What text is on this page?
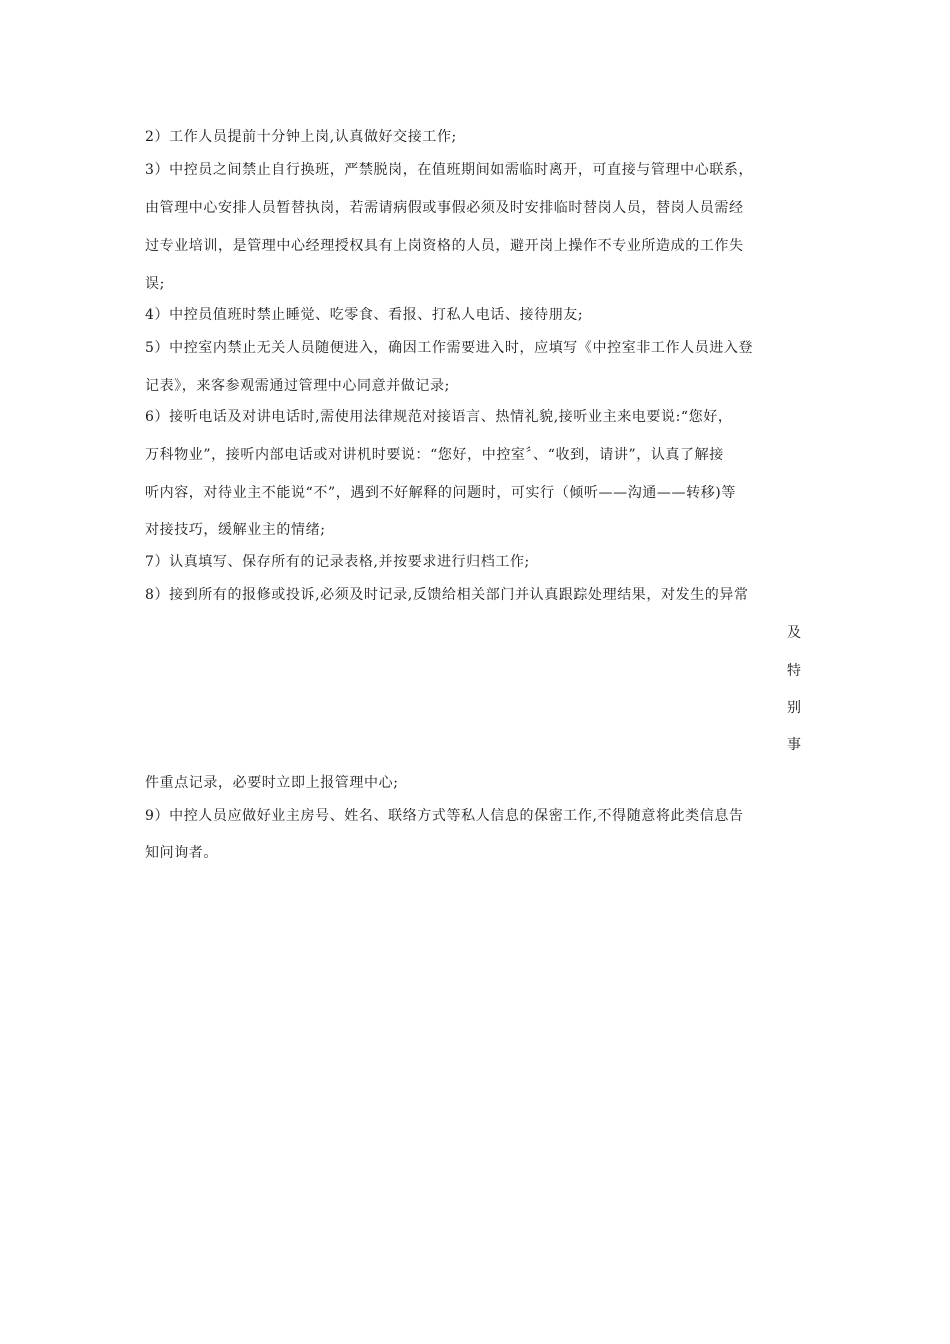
2）工作人员提前十分钟上岗,认真做好交接工作;
3）中控员之间禁止自行换班，严禁脱岗，在值班期间如需临时离开，可直接与管理中心联系，
由管理中心安排人员暂替执岗，若需请病假或事假必须及时安排临时替岗人员，替岗人员需经
过专业培训，是管理中心经理授权具有上岗资格的人员，避开岗上操作不专业所造成的工作失
误;
4）中控员值班时禁止睡觉、吃零食、看报、打私人电话、接待朋友;
5）中控室内禁止无关人员随便进入，确因工作需要进入时，应填写《中控室非工作人员进入登
记表》，来客参观需通过管理中心同意并做记录;
6）接听电话及对讲电话时,需使用法律规范对接语言、热情礼貌,接听业主来电要说:“您好，
万科物业”，接听内部电话或对讲机时要说：“您好，中控室〞、“收到，请讲”，认真了解接
听内容，对待业主不能说“不”，遇到不好解释的问题时，可实行（倾听——沟通——转移)等
对接技巧，缓解业主的情绪;
7）认真填写、保存所有的记录表格,并按要求进行归档工作;
8）接到所有的报修或投诉,必须及时记录,反馈给相关部门并认真跟踪处理结果，对发生的异常
及
特
别
事
件重点记录，必要时立即上报管理中心;
9）中控人员应做好业主房号、姓名、联络方式等私人信息的保密工作,不得随意将此类信息告
知问询者。
